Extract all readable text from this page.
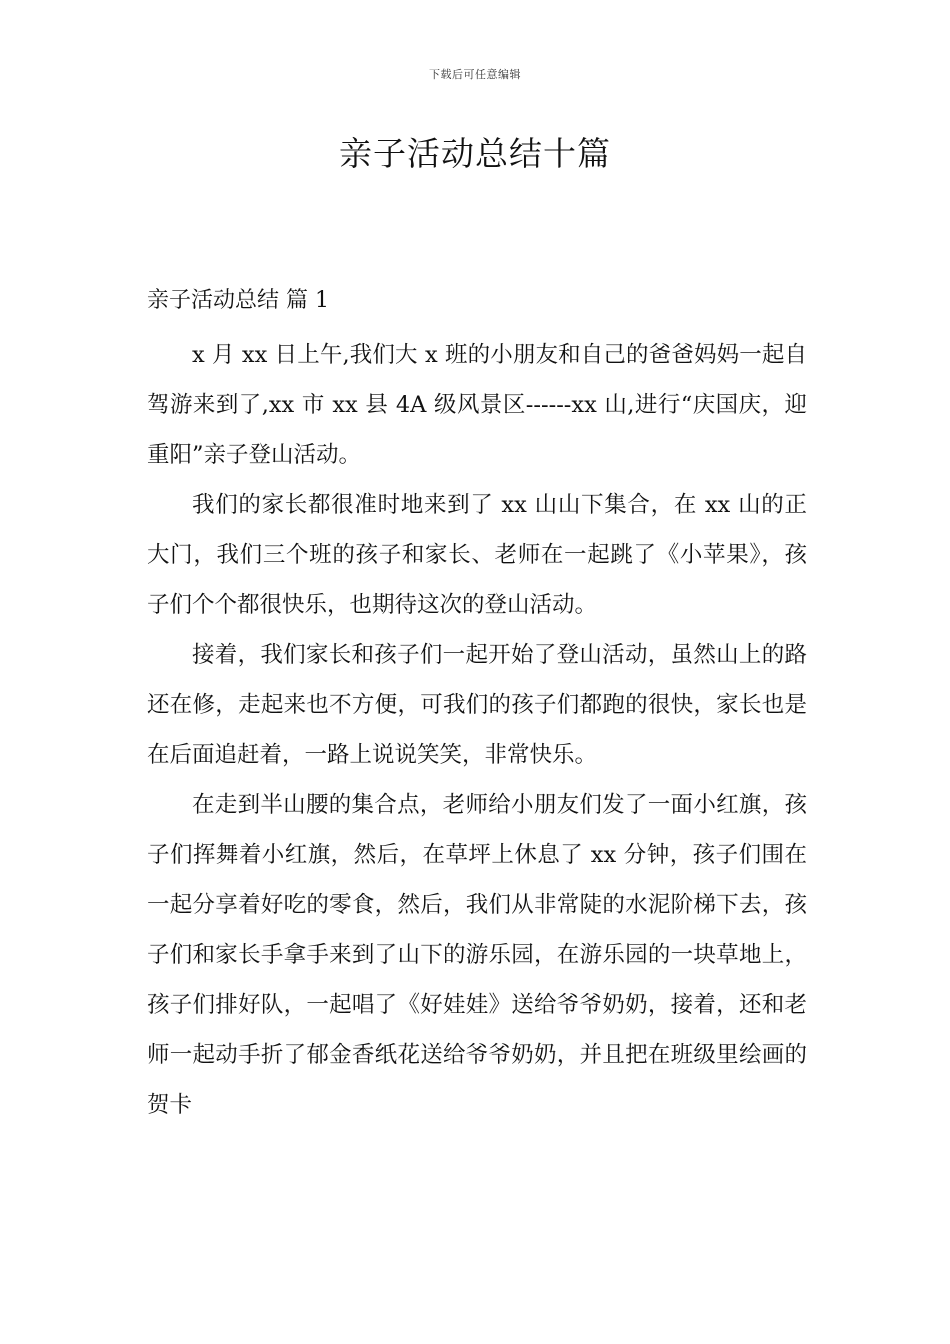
下载后可任意编辑
亲子活动总结十篇
亲子活动总结 篇 1

x 月 xx 日上午,我们大 x 班的小朋友和自己的爸爸妈妈一起自驾游来到了,xx 市 xx 县 4A 级风景区------xx 山,进行“庆国庆，迎重阳”亲子登山活动。

我们的家长都很准时地来到了 xx 山山下集合，在 xx 山的正大门，我们三个班的孩子和家长、老师在一起跳了《小苹果》，孩子们个个都很快乐，也期待这次的登山活动。

接着，我们家长和孩子们一起开始了登山活动，虽然山上的路还在修，走起来也不方便，可我们的孩子们都跑的很快，家长也是在后面追赶着，一路上说说笑笑，非常快乐。

在走到半山腰的集合点，老师给小朋友们发了一面小红旗，孩子们挥舞着小红旗，然后，在草坪上休息了 xx 分钟，孩子们围在一起分享着好吃的零食，然后，我们从非常陡的水泥阶梯下去，孩子们和家长手拿手来到了山下的游乐园，在游乐园的一块草地上，孩子们排好队，一起唱了《好娃娃》送给爷爷奶奶，接着，还和老师一起动手折了郁金香纸花送给爷爷奶奶，并且把在班级里绘画的贺卡
